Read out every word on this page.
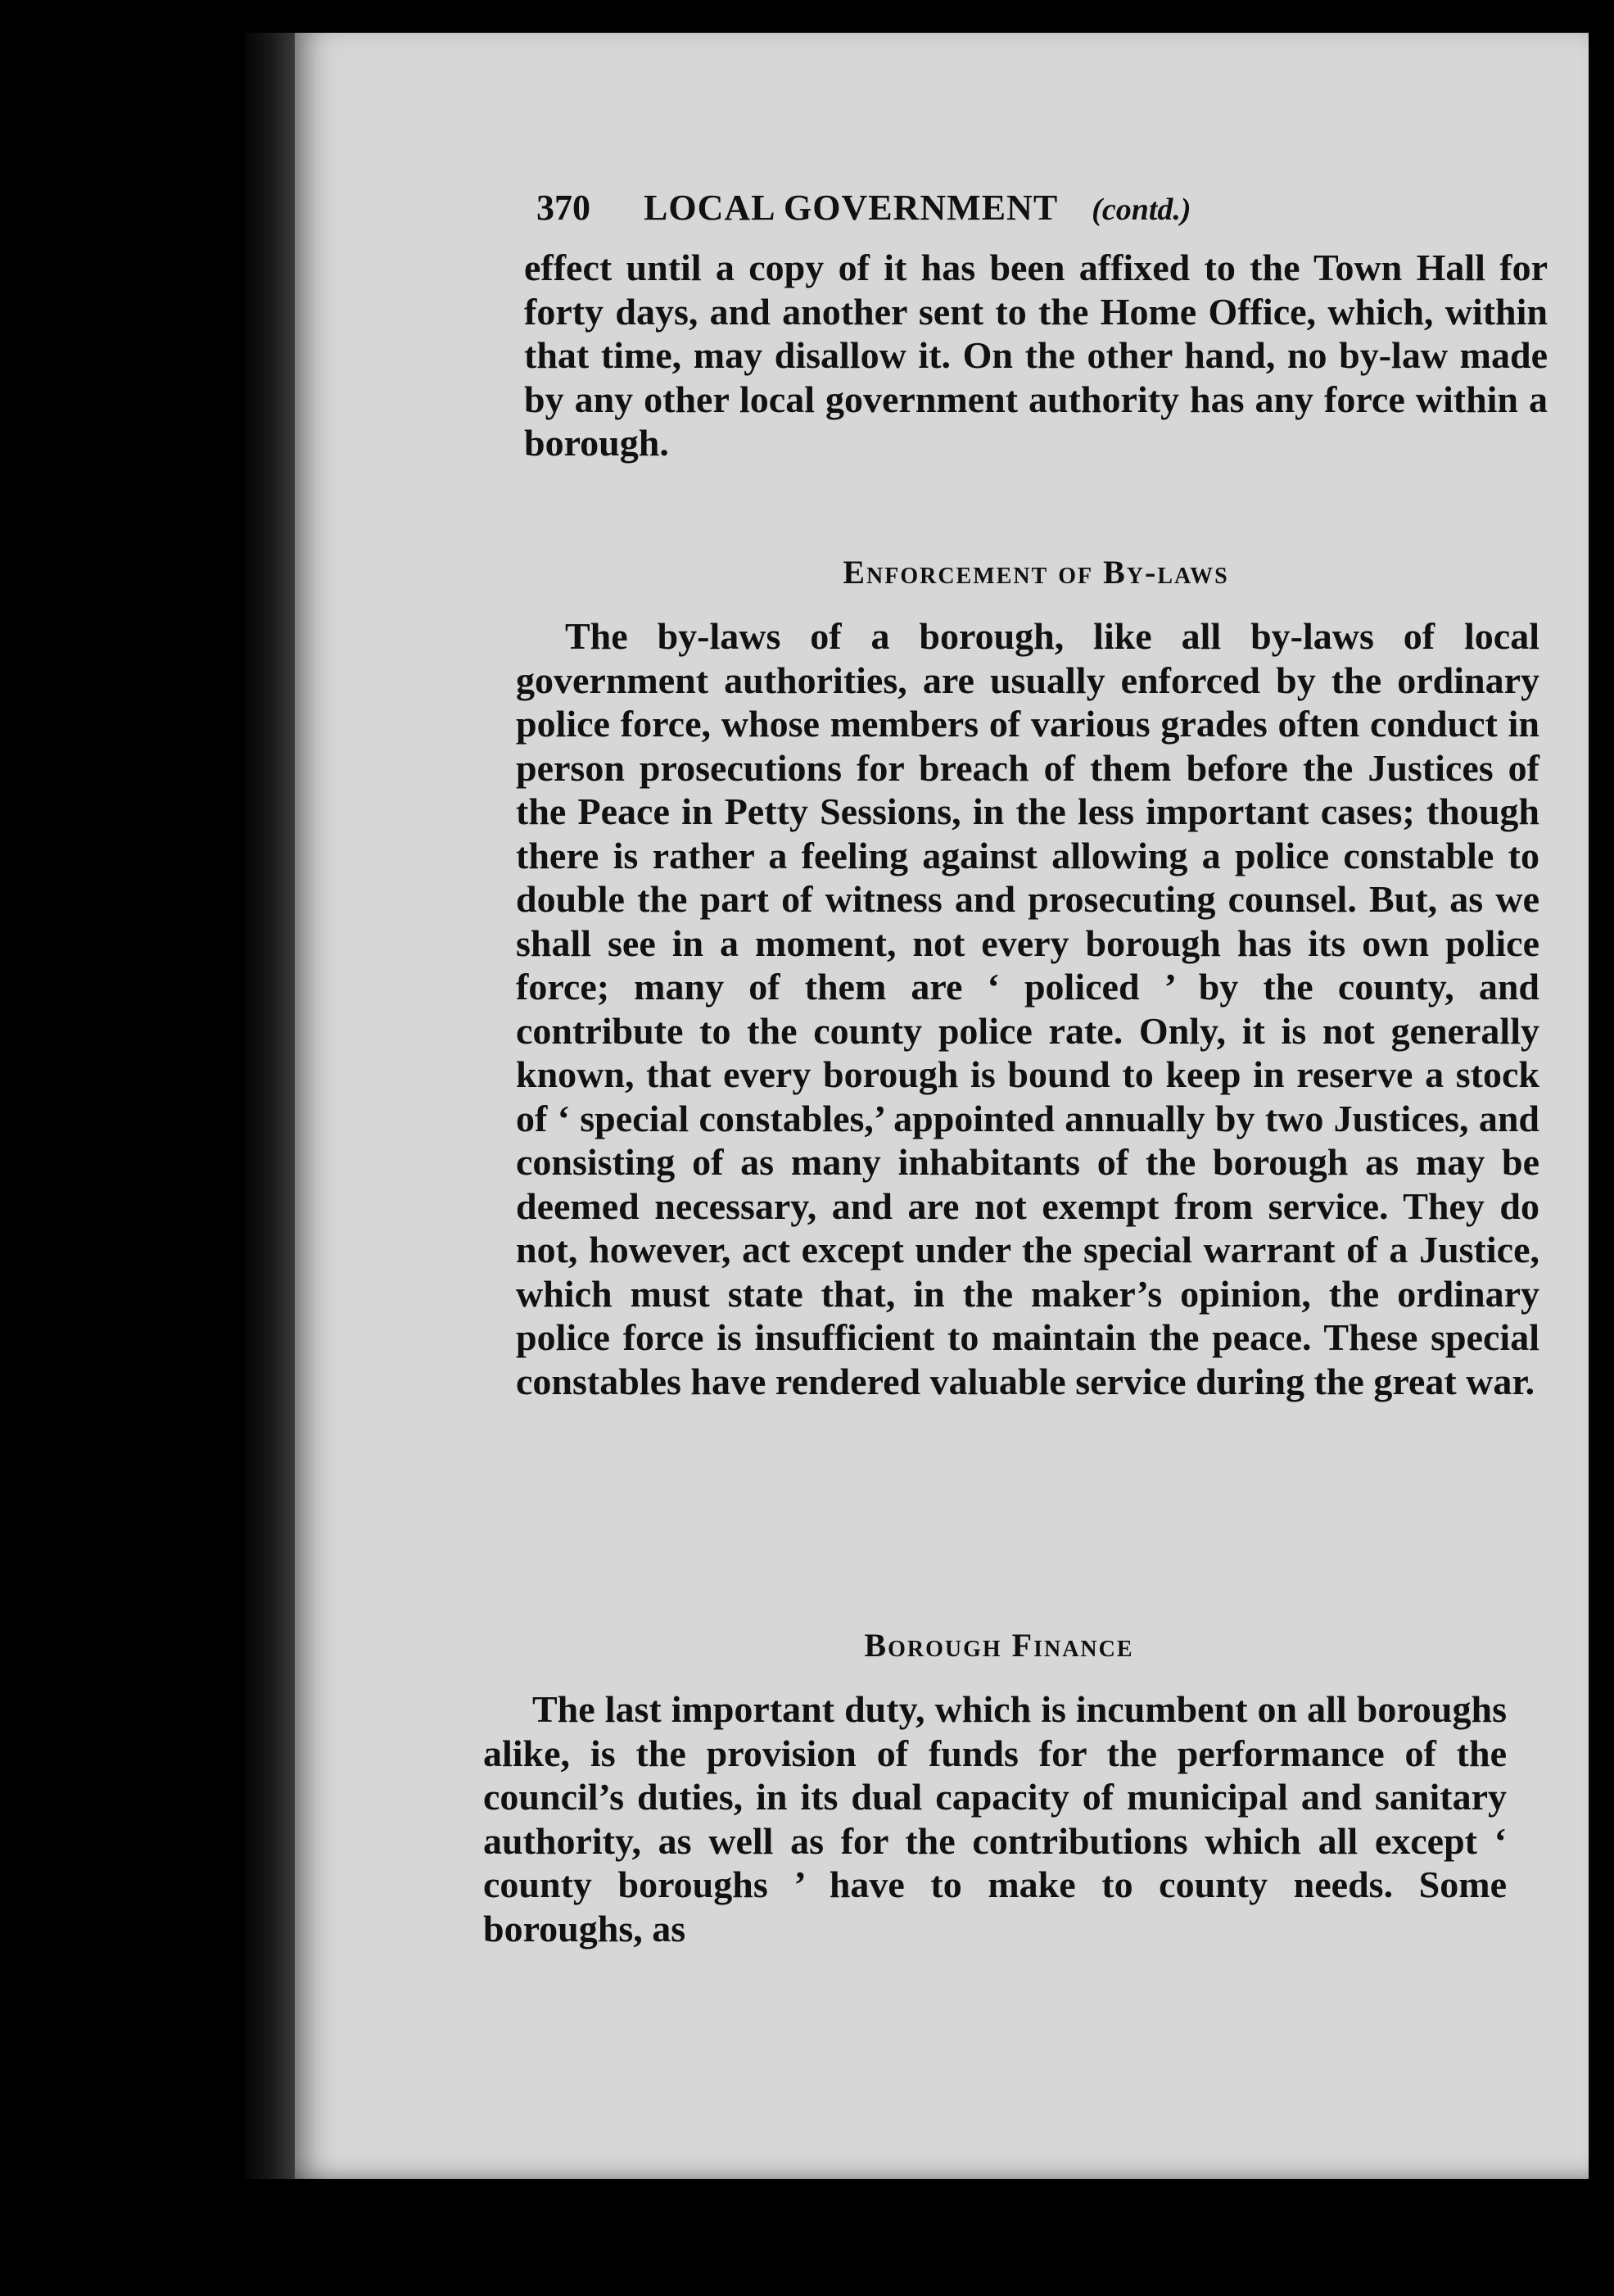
370 LOCAL GOVERNMENT (contd.)

effect until a copy of it has been affixed to the Town Hall for forty days, and another sent to the Home Office, which, within that time, may disallow it. On the other hand, no by-law made by any other local government authority has any force within a borough.

Enforcement of By-laws

The by-laws of a borough, like all by-laws of local government authorities, are usually enforced by the ordinary police force, whose members of various grades often conduct in person prosecutions for breach of them before the Justices of the Peace in Petty Sessions, in the less important cases; though there is rather a feeling against allowing a police constable to double the part of witness and prosecuting counsel. But, as we shall see in a moment, not every borough has its own police force; many of them are ‘ policed ’ by the county, and contribute to the county police rate. Only, it is not generally known, that every borough is bound to keep in reserve a stock of ‘ special constables,’ appointed annually by two Justices, and consisting of as many inhabitants of the borough as may be deemed necessary, and are not exempt from service. They do not, however, act except under the special warrant of a Justice, which must state that, in the maker’s opinion, the ordinary police force is insufficient to maintain the peace. These special constables have rendered valuable service during the great war.

Borough Finance

The last important duty, which is incumbent on all boroughs alike, is the provision of funds for the performance of the council’s duties, in its dual capacity of municipal and sanitary authority, as well as for the contributions which all except ‘ county boroughs ’ have to make to county needs. Some boroughs, as
